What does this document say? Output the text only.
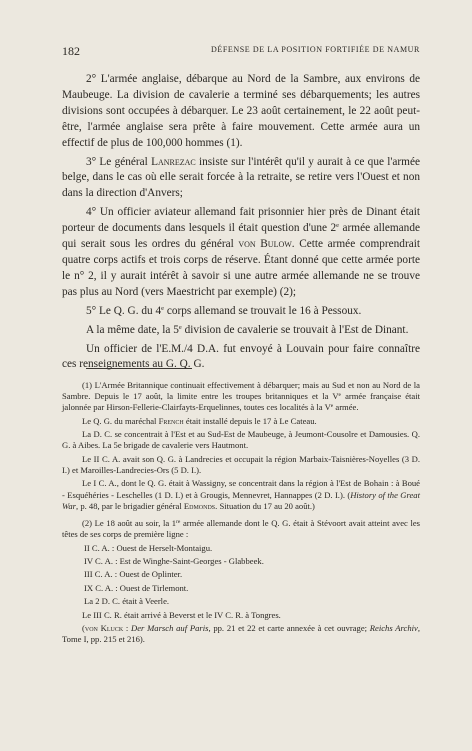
182	DÉFENSE DE LA POSITION FORTIFIÉE DE NAMUR

2° L'armée anglaise, débarque au Nord de la Sambre, aux environs de Maubeuge. La division de cavalerie a terminé ses débarquements; les autres divisions sont occupées à débarquer. Le 23 août certainement, le 22 août peut-être, l'armée anglaise sera prête à faire mouvement. Cette armée aura un effectif de plus de 100,000 hommes (1).

3° Le général Lanrezac insiste sur l'intérêt qu'il y aurait à ce que l'armée belge, dans le cas où elle serait forcée à la retraite, se retire vers l'Ouest et non dans la direction d'Anvers;

4° Un officier aviateur allemand fait prisonnier hier près de Dinant était porteur de documents dans lesquels il était question d'une 2e armée allemande qui serait sous les ordres du général von Bulow. Cette armée comprendrait quatre corps actifs et trois corps de réserve. Étant donné que cette armée porte le n° 2, il y aurait intérêt à savoir si une autre armée allemande ne se trouve pas plus au Nord (vers Maestricht par exemple) (2);

5° Le Q. G. du 4e corps allemand se trouvait le 16 à Pessoux.

A la même date, la 5e division de cavalerie se trouvait à l'Est de Dinant.

Un officier de l'E.M./4 D.A. fut envoyé à Louvain pour faire connaître ces renseignements au G. Q. G.

(1) L'Armée Britannique continuait effectivement à débarquer; mais au Sud et non au Nord de la Sambre. Depuis le 17 août, la limite entre les troupes britanniques et la Ve armée française était jalonnée par Hirson-Fellerie-Clairfayts-Erquelinnes, toutes ces localités à la Ve armée.

Le Q. G. du maréchal French était installé depuis le 17 à Le Cateau.

La D. C. se concentrait à l'Est et au Sud-Est de Maubeuge, à Jeumont-Cousolre et Damousies. Q. G. à Aibes. La 5e brigade de cavalerie vers Hautmont.

Le II C. A. avait son Q. G. à Landrecies et occupait la région Marbaix-Taisnières-Noyelles (3 D. I.) et Maroilles-Landrecies-Ors (5 D. I.).

Le I C. A., dont le Q. G. était à Wassigny, se concentrait dans la région à l'Est de Bohain : à Boué - Esquéhéries - Leschelles (1 D. I.) et à Grougis, Mennevret, Hannappes (2 D. I.). (History of the Great War, p. 48, par le brigadier général Edmonds. Situation du 17 au 20 août.)

(2) Le 18 août au soir, la 1re armée allemande dont le Q. G. était à Stévoort avait atteint avec les têtes de ses corps de première ligne :

II C. A. : Ouest de Herselt-Montaigu.

IV C. A. : Est de Winghe-Saint-Georges - Glabbeek.

III C. A. : Ouest de Oplinter.

IX C. A. : Ouest de Tirlemont.

La 2 D. C. était à Veerle.

Le III C. R. était arrivé à Beverst et le IV C. R. à Tongres.

(von Kluck : Der Marsch auf Paris, pp. 21 et 22 et carte annexée à cet ouvrage; Reichs Archiv, Tome I, pp. 215 et 216).
